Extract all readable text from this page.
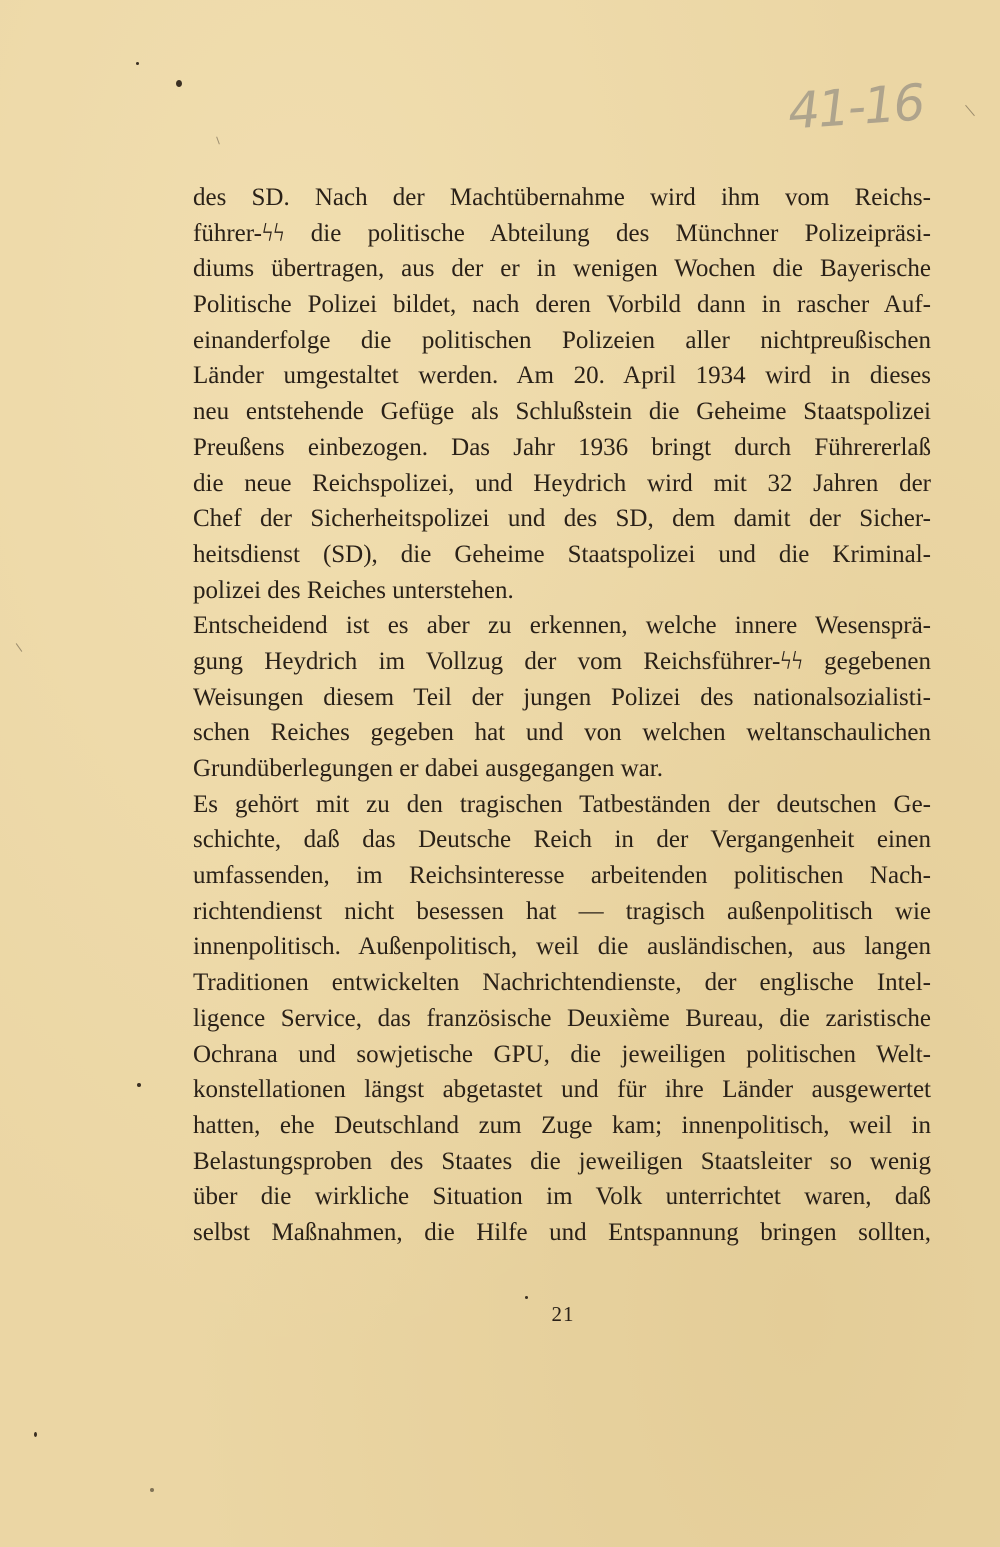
41-16
des SD. Nach der Machtübernahme wird ihm vom Reichs-
führer-ϟϟ die politische Abteilung des Münchner Polizeipräsi-
diums übertragen, aus der er in wenigen Wochen die Bayerische
Politische Polizei bildet, nach deren Vorbild dann in rascher Auf-
einanderfolge die politischen Polizeien aller nichtpreußischen
Länder umgestaltet werden. Am 20. April 1934 wird in dieses
neu entstehende Gefüge als Schlußstein die Geheime Staatspolizei
Preußens einbezogen. Das Jahr 1936 bringt durch Führererlaß
die neue Reichspolizei, und Heydrich wird mit 32 Jahren der
Chef der Sicherheitspolizei und des SD, dem damit der Sicher-
heitsdienst (SD), die Geheime Staatspolizei und die Kriminal-
polizei des Reiches unterstehen.
Entscheidend ist es aber zu erkennen, welche innere Wesensprä-
gung Heydrich im Vollzug der vom Reichsführer-ϟϟ gegebenen
Weisungen diesem Teil der jungen Polizei des nationalsozialisti-
schen Reiches gegeben hat und von welchen weltanschaulichen
Grundüberlegungen er dabei ausgegangen war.
Es gehört mit zu den tragischen Tatbeständen der deutschen Ge-
schichte, daß das Deutsche Reich in der Vergangenheit einen
umfassenden, im Reichsinteresse arbeitenden politischen Nach-
richtendienst nicht besessen hat — tragisch außenpolitisch wie
innenpolitisch. Außenpolitisch, weil die ausländischen, aus langen
Traditionen entwickelten Nachrichtendienste, der englische Intel-
ligence Service, das französische Deuxième Bureau, die zaristische
Ochrana und sowjetische GPU, die jeweiligen politischen Welt-
konstellationen längst abgetastet und für ihre Länder ausgewertet
hatten, ehe Deutschland zum Zuge kam; innenpolitisch, weil in
Belastungsproben des Staates die jeweiligen Staatsleiter so wenig
über die wirkliche Situation im Volk unterrichtet waren, daß
selbst Maßnahmen, die Hilfe und Entspannung bringen sollten,
21
